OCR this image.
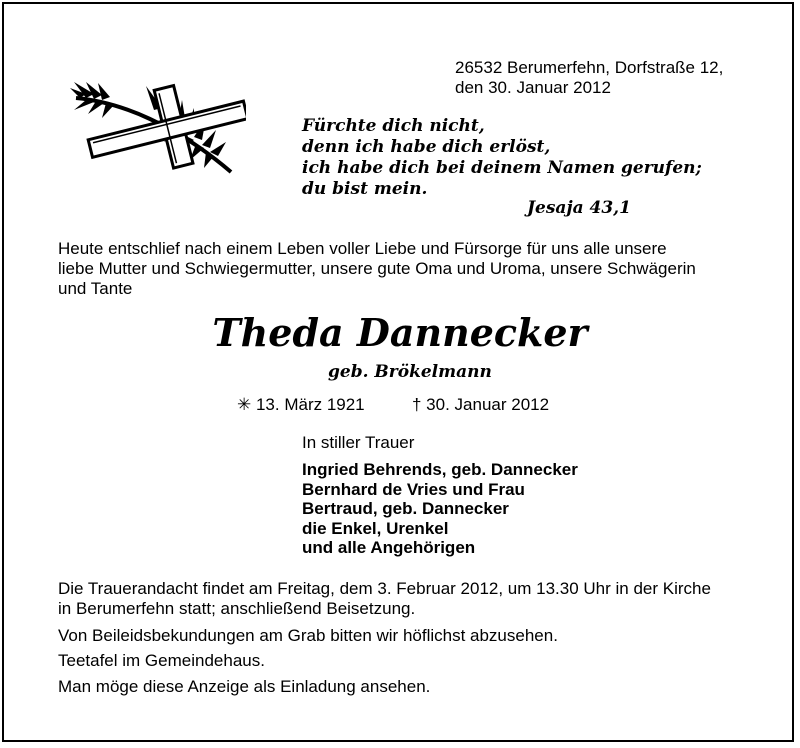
26532 Berumerfehn, Dorfstraße 12,
den 30. Januar 2012
Fürchte dich nicht,
denn ich habe dich erlöst,
ich habe dich bei deinem Namen gerufen;
du bist mein.
Jesaja 43,1
Heute entschlief nach einem Leben voller Liebe und Fürsorge für uns alle unsere
liebe Mutter und Schwiegermutter, unsere gute Oma und Uroma, unsere Schwägerin
und Tante
Theda Dannecker
geb. Brökelmann
✳ 13. März 1921	† 30. Januar 2012
In stiller Trauer
Ingried Behrends, geb. Dannecker
Bernhard de Vries und Frau
Bertraud, geb. Dannecker
die Enkel, Urenkel
und alle Angehörigen
Die Trauerandacht findet am Freitag, dem 3. Februar 2012, um 13.30 Uhr in der Kirche
in Berumerfehn statt; anschließend Beisetzung.
Von Beileidsbekundungen am Grab bitten wir höflichst abzusehen.
Teetafel im Gemeindehaus.
Man möge diese Anzeige als Einladung ansehen.
